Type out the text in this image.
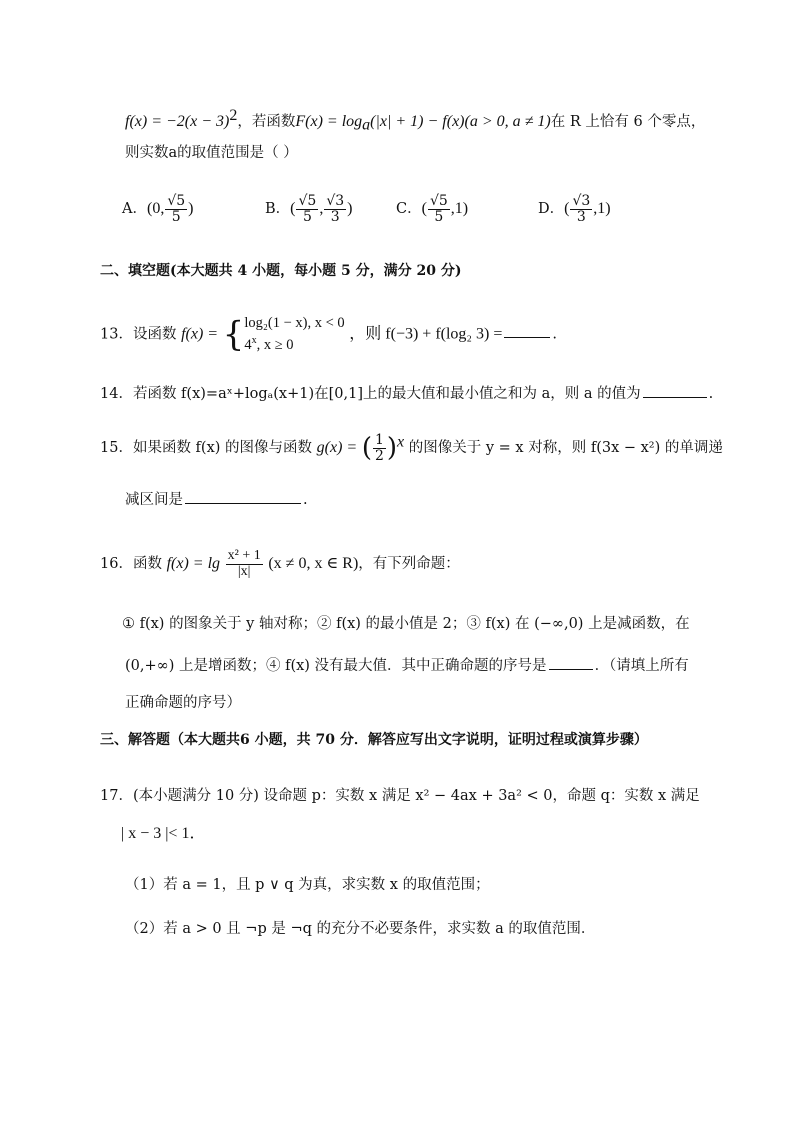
$f(x) = -2(x - 3)^2$，若函数$F(x) = \log_a(|x| + 1) - f(x)(a > 0$, a ≠ 1)在 R 上恰有 6 个零点，
则实数a的取值范围是（ ）
A．(0, $\frac{√5}{5}$ )	B．( $\frac{√5}{5}$ , $\frac{√3}{3}$ )	C．( $\frac{√5}{5} ,1$)	D．( $\frac{√3}{3} ,1$)
二、填空题(本大题共 4 小题，每小题 5 分，满分 20 分)
13．设函数 f(x) = { log₂(1 − x), x < 0
4$^x$, x ≥ 0
，则 f(−3) + f(log₂ 3) =	.
14．若函数 f(x)=aˣ+logₐ(x+1)在[0,1]上的最大值和最小值之和为 a，则 a 的值为	.
15．如果函数 f(x) 的图像与函数 g(x) = ( $\frac{1}{2} )^x$ 的图像关于 y = x 对称，则 f(3x − x²) 的单调递
减区间是	.
16．函数 $f(x) = \lg \frac{\text{x² + 1}}{|x|} (x \ne 0$, x ∈ R)，有下列命题：
① f(x) 的图象关于 y 轴对称；② f(x) 的最小值是 2；③ f(x) 在 (−∞,0) 上是减函数，在
(0,+∞) 上是增函数；④ f(x) 没有最大值．其中正确命题的序号是	．（请填上所有
正确命题的序号）
三、解答题（本大题共6 小题，共 70 分．解答应写出文字说明，证明过程或演算步骤）
17．(本小题满分 10 分) 设命题 p：实数 x 满足 x² − 4ax + 3a² < 0，命题 q：实数 x 满足
| x − 3 |< 1．
（1）若 a = 1，且 p ∨ q 为真，求实数 x 的取值范围；
（2）若 a > 0 且 ¬p 是 ¬q 的充分不必要条件，求实数 a 的取值范围．
